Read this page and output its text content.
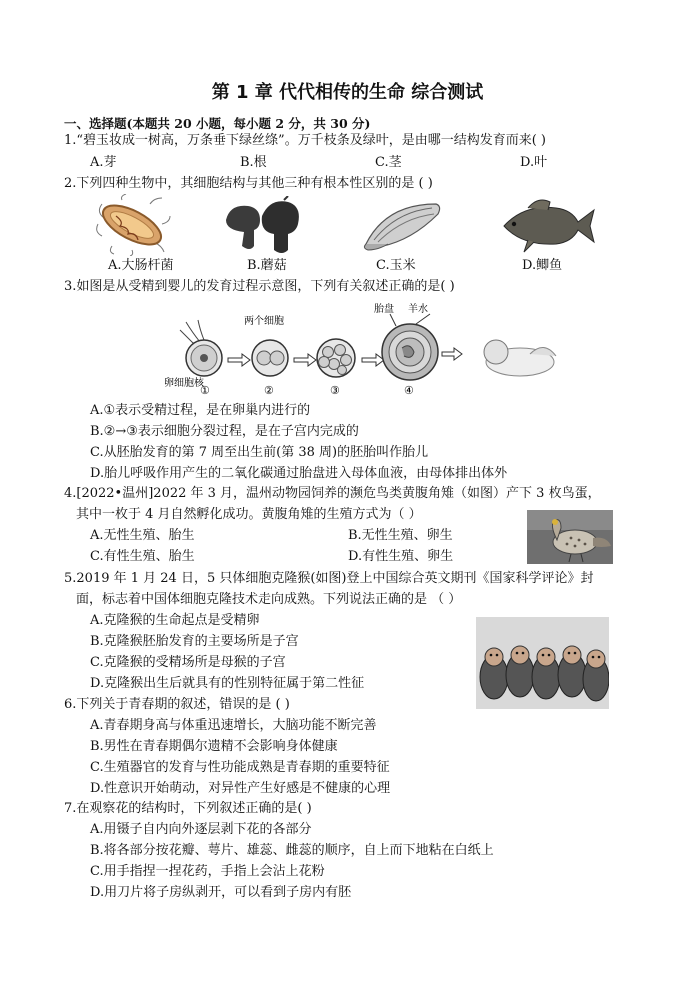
第 1 章 代代相传的生命 综合测试
一、选择题(本题共 20 小题，每小题 2 分，共 30 分)
1.“碧玉妆成一树高，万条垂下绿丝绦”。万千枝条及绿叶，是由哪一结构发育而来( )
A.芽	B.根	C.茎	D.叶
2.下列四种生物中，其细胞结构与其他三种有根本性区别的是 ( )
A.大肠杆菌	B.蘑菇	C.玉米	D.鲫鱼
3.如图是从受精到婴儿的发育过程示意图，下列有关叙述正确的是( )
两个细胞
胎盘 羊水
卵细胞核
①	②	③	④
A.①表示受精过程，是在卵巢内进行的
B.②→③表示细胞分裂过程，是在子宫内完成的
C.从胚胎发育的第 7 周至出生前(第 38 周)的胚胎叫作胎儿
D.胎儿呼吸作用产生的二氧化碳通过胎盘进入母体血液，由母体排出体外
4.[2022•温州]2022 年 3 月，温州动物园饲养的濒危鸟类黄腹角雉（如图）产下 3 枚鸟蛋，
其中一枚于 4 月自然孵化成功。黄腹角雉的生殖方式为（ ）
A.无性生殖、胎生	B.无性生殖、卵生
C.有性生殖、胎生	D.有性生殖、卵生
5.2019 年 1 月 24 日，5 只体细胞克隆猴(如图)登上中国综合英文期刊《国家科学评论》封
面，标志着中国体细胞克隆技术走向成熟。下列说法正确的是 （ ）
A.克隆猴的生命起点是受精卵
B.克隆猴胚胎发育的主要场所是子宫
C.克隆猴的受精场所是母猴的子宫
D.克隆猴出生后就具有的性别特征属于第二性征
6.下列关于青春期的叙述，错误的是 ( )
A.青春期身高与体重迅速增长，大脑功能不断完善
B.男性在青春期偶尔遗精不会影响身体健康
C.生殖器官的发育与性功能成熟是青春期的重要特征
D.性意识开始萌动，对异性产生好感是不健康的心理
7.在观察花的结构时，下列叙述正确的是( )
A.用镊子自内向外逐层剥下花的各部分
B.将各部分按花瓣、萼片、雄蕊、雌蕊的顺序，自上而下地粘在白纸上
C.用手指捏一捏花药，手指上会沾上花粉
D.用刀片将子房纵剥开，可以看到子房内有胚
